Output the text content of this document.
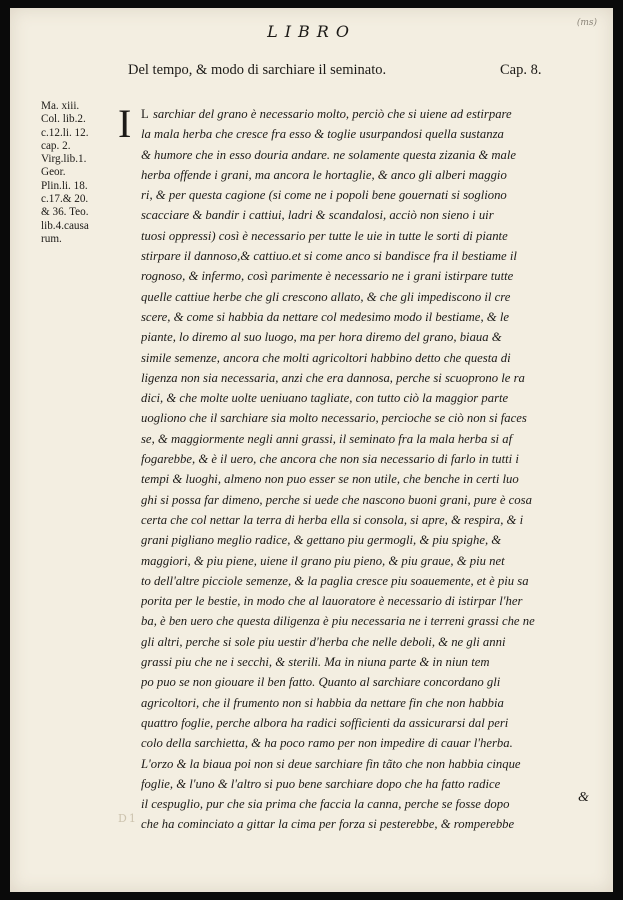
LIBRO	(ms)
Del tempo, & modo di sarchiare il seminato.	Cap. 8.
Ma. xiii.
Col. lib.2.
c.12.li. 12.
cap. 2.
Virg.lib.1.
Geor.
Plin.li. 18.
c.17.& 20.
& 36. Teo.
lib.4.causa
rum.
I L sarchiar del grano è necessario molto, perciò che si uiene ad estirpare
la mala herba che cresce fra esso & toglie usurpandosi quella sustanza
& humore che in esso douria andare. ne solamente questa zizania & male
herba offende i grani, ma ancora le hortaglie, & anco gli alberi maggio
ri, & per questa cagione (si come ne i popoli bene gouernati si sogliono
scacciare & bandir i cattiui, ladri & scandalosi, acciò non sieno i uir
tuosi oppressi) così è necessario per tutte le uie in tutte le sorti di piante
stirpare il dannoso,& cattiuo.et si come anco si bandisce fra il bestiame il
rognoso, & infermo, così parimente è necessario ne i grani istirpare tutte
quelle cattiue herbe che gli crescono allato, & che gli impediscono il cre
scere, & come si habbia da nettare col medesimo modo il bestiame, & le
piante, lo diremo al suo luogo, ma per hora diremo del grano, biaua &
simile semenze, ancora che molti agricoltori habbino detto che questa di
ligenza non sia necessaria, anzi che era dannosa, perche si scuoprono le ra
dici, & che molte uolte ueniuano tagliate, con tutto ciò la maggior parte
uogliono che il sarchiare sia molto necessario, percioche se ciò non si faces
se, & maggiormente negli anni grassi, il seminato fra la mala herba si af
fogarebbe, & è il uero, che ancora che non sia necessario di farlo in tutti i
tempi & luoghi, almeno non puo esser se non utile, che benche in certi luo
ghi si possa far dimeno, perche si uede che nascono buoni grani, pure è cosa
certa che col nettar la terra di herba ella si consola, si apre, & respira, & i
grani pigliano meglio radice, & gettano piu germogli, & piu spighe, &
maggiori, & piu piene, uiene il grano piu pieno, & piu graue, & piu net
to dell'altre picciole semenze, & la paglia cresce piu soauemente, et è piu sa
porita per le bestie, in modo che al lauoratore è necessario di istirpar l'her
ba, è ben uero che questa diligenza è piu necessaria ne i terreni grassi che ne
gli altri, perche si sole piu uestir d'herba che nelle deboli, & ne gli anni
grassi piu che ne i secchi, & sterili. Ma in niuna parte & in niun tem
po puo se non giouare il ben fatto. Quanto al sarchiare concordano gli
agricoltori, che il frumento non si habbia da nettare fin che non habbia
quattro foglie, perche albora ha radici sofficienti da assicurarsi dal peri
colo della sarchietta, & ha poco ramo per non impedire di cauar l'herba.
L'orzo & la biaua poi non si deue sarchiare fin tãto che non habbia cinque
foglie, & l'uno & l'altro si puo bene sarchiare dopo che ha fatto radice
il cespuglio, pur che sia prima che faccia la canna, perche se fosse dopo
che ha cominciato a gittar la cima per forza si pesterebbe, & romperebbe
&
D1
